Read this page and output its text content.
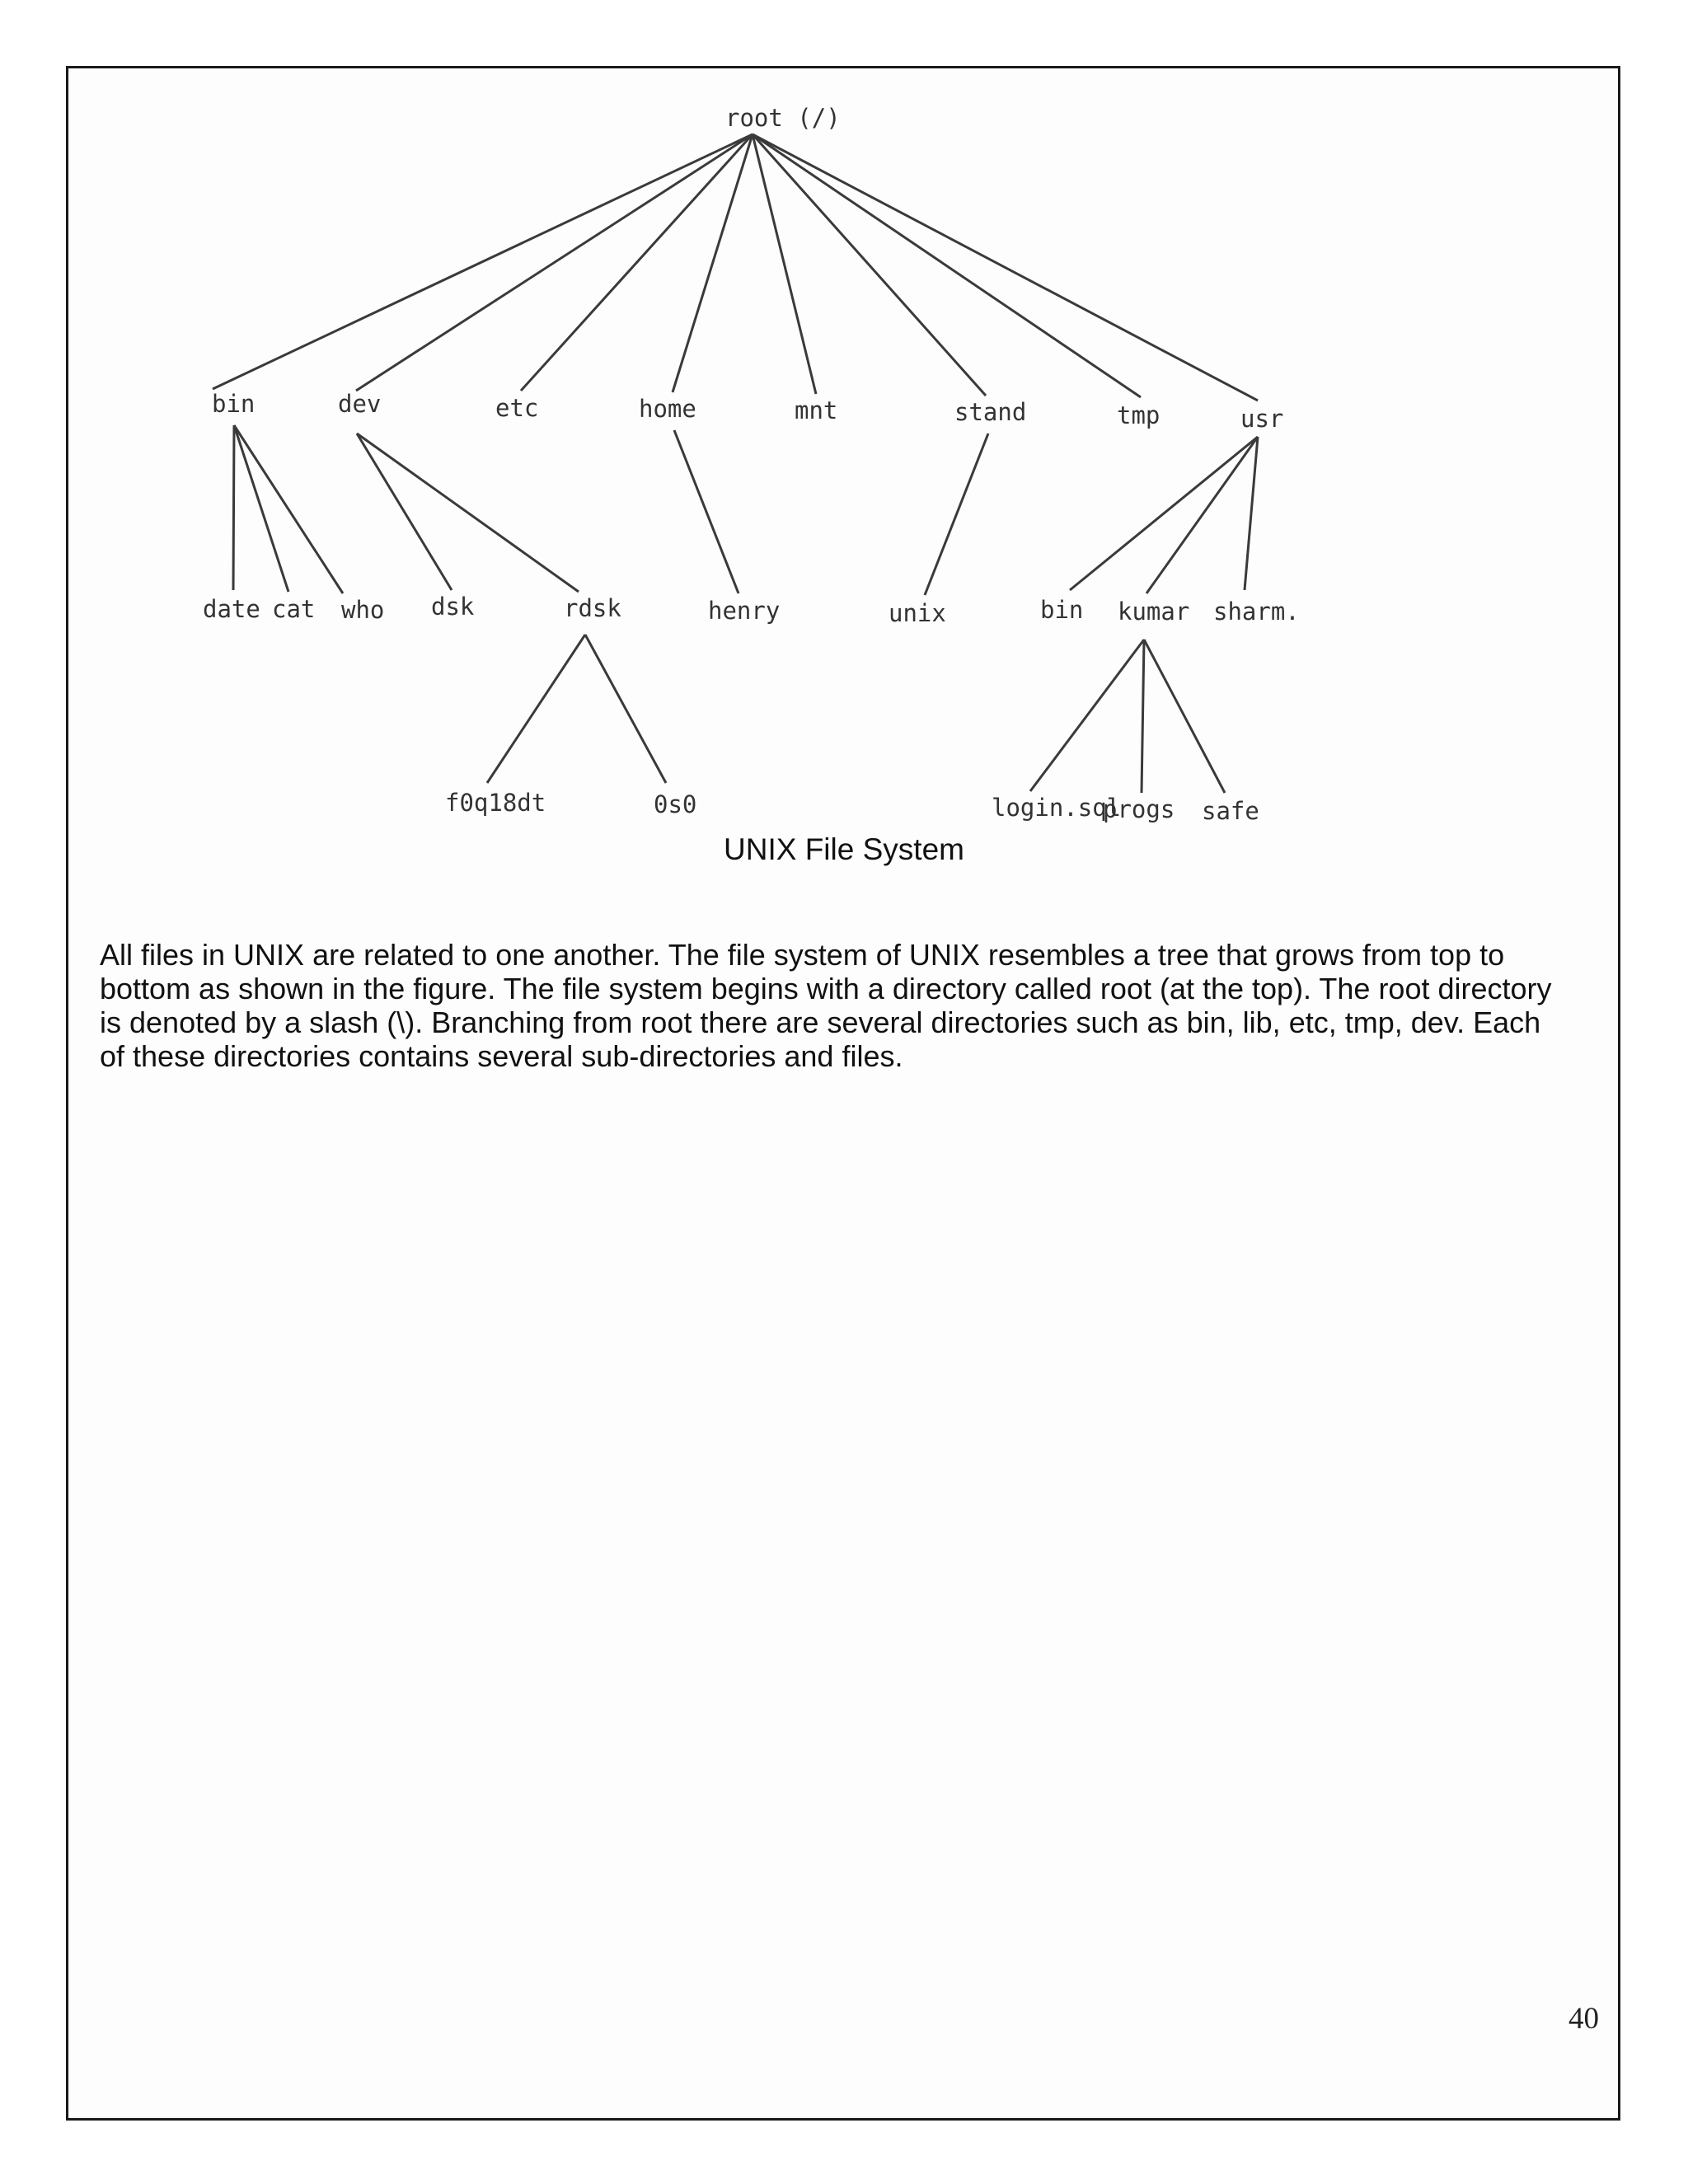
root (/)
bin	dev	etc	home	mnt	stand	tmp	usr
date cat who dsk	rdsk	henry	unix	bin kumar sharm.
f0q18dt	0s0	login.sql
progs safe
UNIX File System

All files in UNIX are related to one another. The file system of UNIX resembles a tree that grows from top to bottom as shown in the figure. The file system begins with a directory called root (at the top). The root directory is denoted by a slash (\). Branching from root there are several directories such as bin, lib, etc, tmp, dev. Each of these directories contains several sub-directories and files.

40
